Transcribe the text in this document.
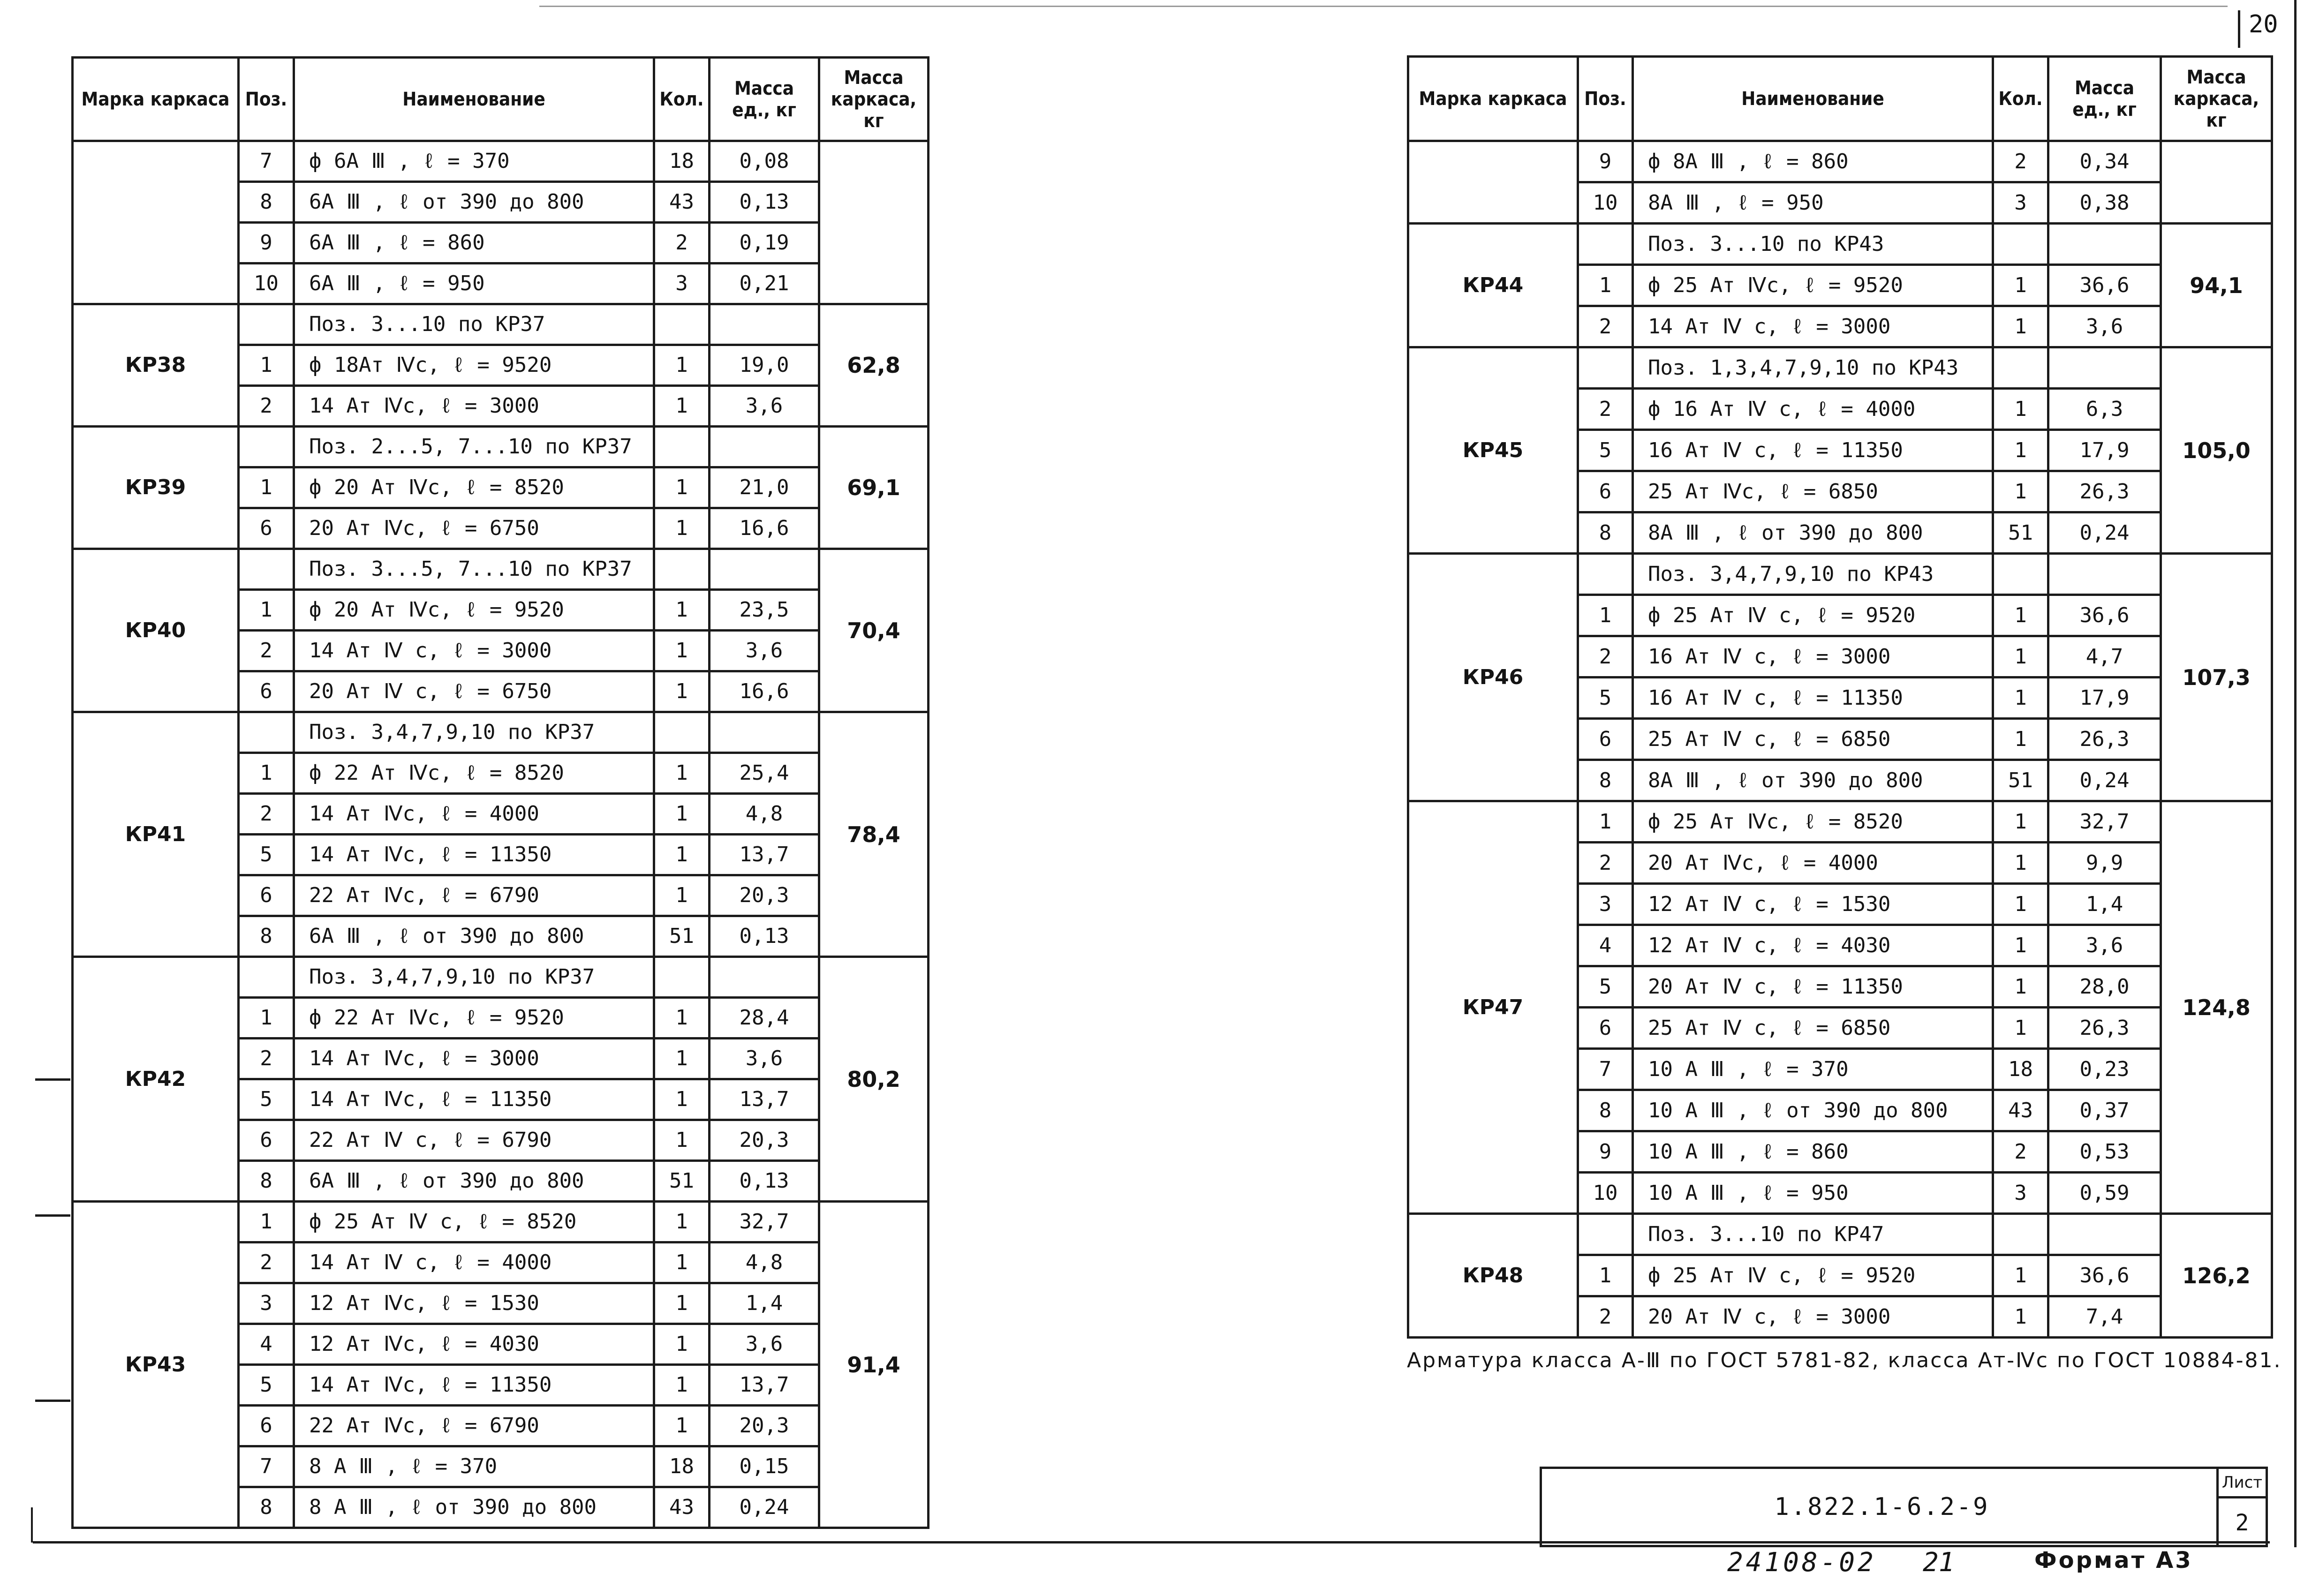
20
Марка каркаса	Поз.	Наименование	Кол.	Масса ед., кг	Масса каркаса, кг
	7	ф 6А Ⅲ , ℓ = 370	18	0,08	
	8	6А Ⅲ , ℓ от 390 до 800	43	0,13	
	9	6А Ⅲ , ℓ = 860	2	0,19	
	10	6А Ⅲ , ℓ = 950	3	0,21	
КР38		Поз. 3...10 по КР37			62,8
	1	ф 18Ат Ⅳс, ℓ = 9520	1	19,0	
	2	14 Ат Ⅳс, ℓ = 3000	1	3,6	
КР39		Поз. 2...5, 7...10 по КР37			69,1
	1	ф 20 Ат Ⅳс, ℓ = 8520	1	21,0	
	6	20 Ат Ⅳс, ℓ = 6750	1	16,6	
КР40		Поз. 3...5, 7...10 по КР37			70,4
	1	ф 20 Ат Ⅳс, ℓ = 9520	1	23,5	
	2	14 Ат Ⅳ с, ℓ = 3000	1	3,6	
	6	20 Ат Ⅳ с, ℓ = 6750	1	16,6	
КР41		Поз. 3,4,7,9,10 по КР37			78,4
	1	ф 22 Ат Ⅳс, ℓ = 8520	1	25,4	
	2	14 Ат Ⅳс, ℓ = 4000	1	4,8	
	5	14 Ат Ⅳс, ℓ = 11350	1	13,7	
	6	22 Ат Ⅳс, ℓ = 6790	1	20,3	
	8	6А Ⅲ , ℓ от 390 до 800	51	0,13	
КР42		Поз. 3,4,7,9,10 по КР37			80,2
	1	ф 22 Ат Ⅳс, ℓ = 9520	1	28,4	
	2	14 Ат Ⅳс, ℓ = 3000	1	3,6	
	5	14 Ат Ⅳс, ℓ = 11350	1	13,7	
	6	22 Ат Ⅳ с, ℓ = 6790	1	20,3	
	8	6А Ⅲ , ℓ от 390 до 800	51	0,13	
КР43	1	ф 25 Ат Ⅳ с, ℓ = 8520	1	32,7	91,4
	2	14 Ат Ⅳ с, ℓ = 4000	1	4,8	
	3	12 Ат Ⅳс, ℓ = 1530	1	1,4	
	4	12 Ат Ⅳс, ℓ = 4030	1	3,6	
	5	14 Ат Ⅳс, ℓ = 11350	1	13,7	
	6	22 Ат Ⅳс, ℓ = 6790	1	20,3	
	7	8 А Ⅲ , ℓ = 370	18	0,15	
	8	8 А Ⅲ , ℓ от 390 до 800	43	0,24	
Марка каркаса	Поз.	Наименование	Кол.	Масса ед., кг	Масса каркаса, кг
	9	ф 8А Ⅲ , ℓ = 860	2	0,34	
	10	8А Ⅲ , ℓ = 950	3	0,38	
КР44		Поз. 3...10 по КР43			94,1
	1	ф 25 Ат Ⅳс, ℓ = 9520	1	36,6	
	2	14 Ат Ⅳ с, ℓ = 3000	1	3,6	
КР45		Поз. 1,3,4,7,9,10 по КР43			105,0
	2	ф 16 Ат Ⅳ с, ℓ = 4000	1	6,3	
	5	16 Ат Ⅳ с, ℓ = 11350	1	17,9	
	6	25 Ат Ⅳс, ℓ = 6850	1	26,3	
	8	8А Ⅲ , ℓ от 390 до 800	51	0,24	
КР46		Поз. 3,4,7,9,10 по КР43			107,3
	1	ф 25 Ат Ⅳ с, ℓ = 9520	1	36,6	
	2	16 Ат Ⅳ с, ℓ = 3000	1	4,7	
	5	16 Ат Ⅳ с, ℓ = 11350	1	17,9	
	6	25 Ат Ⅳ с, ℓ = 6850	1	26,3	
	8	8А Ⅲ , ℓ от 390 до 800	51	0,24	
КР47	1	ф 25 Ат Ⅳс, ℓ = 8520	1	32,7	124,8
	2	20 Ат Ⅳс, ℓ = 4000	1	9,9	
	3	12 Ат Ⅳ с, ℓ = 1530	1	1,4	
	4	12 Ат Ⅳ с, ℓ = 4030	1	3,6	
	5	20 Ат Ⅳ с, ℓ = 11350	1	28,0	
	6	25 Ат Ⅳ с, ℓ = 6850	1	26,3	
	7	10 А Ⅲ , ℓ = 370	18	0,23	
	8	10 А Ⅲ , ℓ от 390 до 800	43	0,37	
	9	10 А Ⅲ , ℓ = 860	2	0,53	
	10	10 А Ⅲ , ℓ = 950	3	0,59	
КР48		Поз. 3...10 по КР47			126,2
	1	ф 25 Ат Ⅳ с, ℓ = 9520	1	36,6	
	2	20 Ат Ⅳ с, ℓ = 3000	1	7,4	
Арматура класса А-Ⅲ по ГОСТ 5781-82, класса Ат-Ⅳс по ГОСТ 10884-81.
1.822.1-6.2-9
Лист
2
24108-02 21	Формат А3
